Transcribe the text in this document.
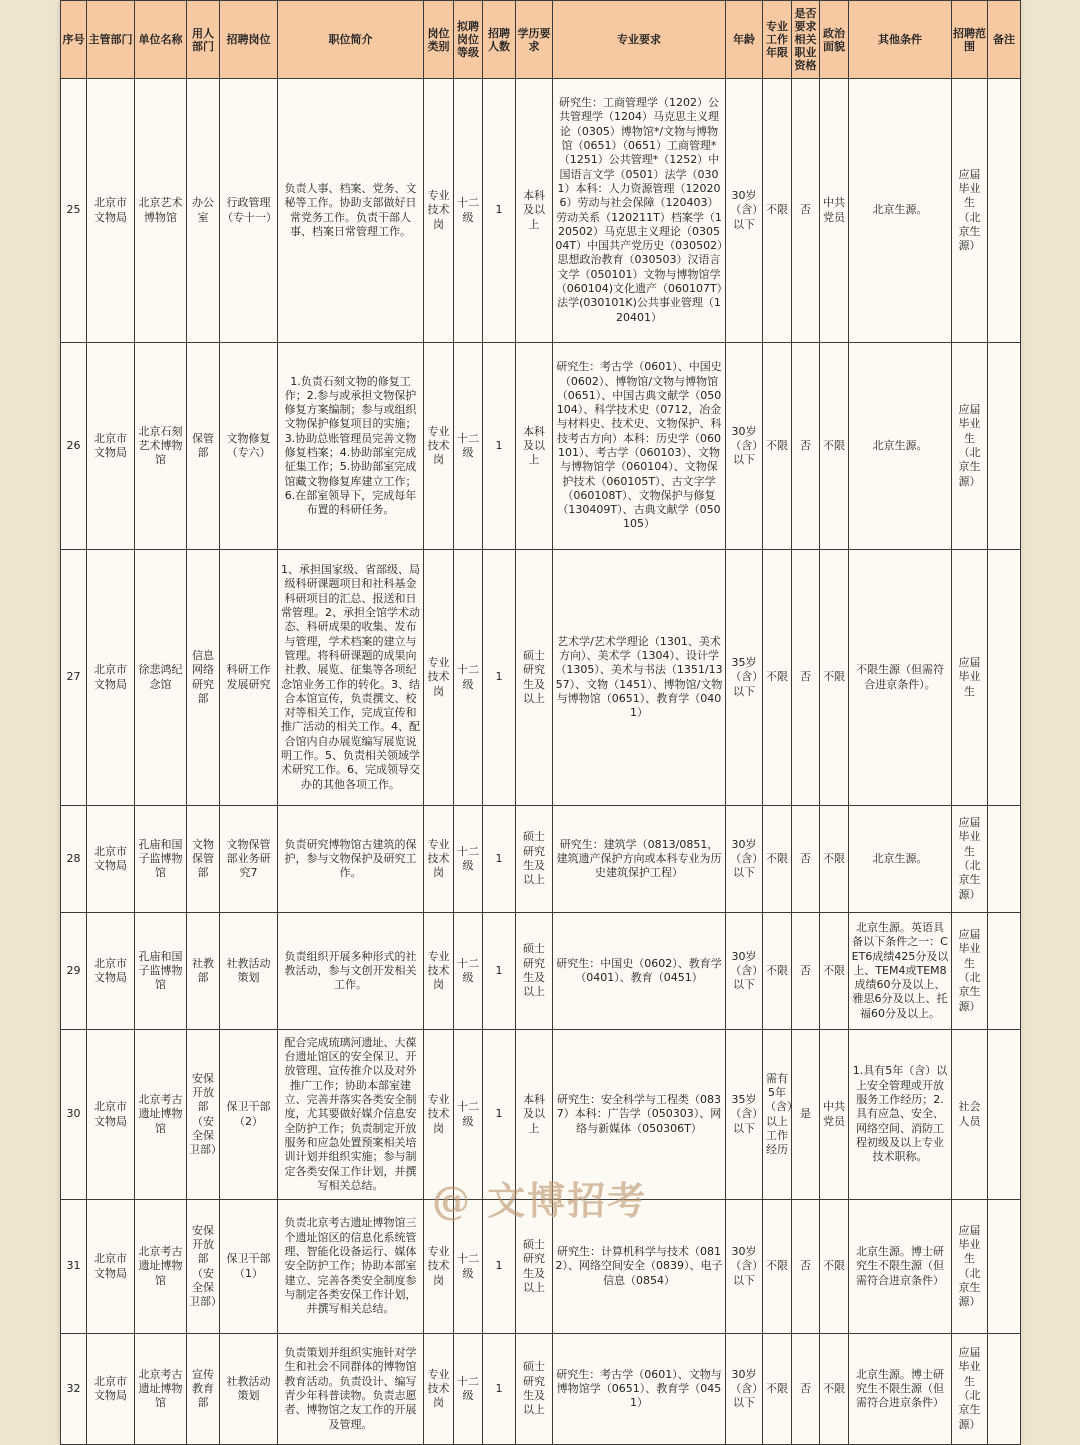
序号	主管部门	单位名称	用人部门	招聘岗位	职位简介	岗位类别	拟聘岗位等级	招聘人数	学历要求	专业要求	年龄	专业工作年限	是否要求相关职业资格	政治面貌	其他条件	招聘范围	备注
25	北京市文物局	北京艺术博物馆	办公室	行政管理（专十一）	负责人事、档案、党务、文秘等工作。协助支部做好日常党务工作。负责干部人事、档案日常管理工作。	专业技术岗	十二级	1	本科及以上	研究生：工商管理学（1202）公共管理学（1204）马克思主义理论（0305）博物馆*/文物与博物馆（0651）（0651）工商管理*（1251）公共管理*（1252）中国语言文学（0501）法学（0301）本科：人力资源管理（120206）劳动与社会保障（120403）劳动关系（120211T）档案学（120502）马克思主义理论（030504T）中国共产党历史（030502）思想政治教育（030503）汉语言文学（050101）文物与博物馆学（060104)文化遗产（060107T）法学(030101K)公共事业管理（120401）	30岁（含）以下	不限	否	中共党员	北京生源。	应届毕业生（北京生源）	
26	北京市文物局	北京石刻艺术博物馆	保管部	文物修复（专六）	1.负责石刻文物的修复工作；2.参与或承担文物保护修复方案编制；参与或组织文物保护修复项目的实施；3.协助总账管理员完善文物修复档案；4.协助部室完成征集工作；5.协助部室完成馆藏文物修复库建立工作；6.在部室领导下，完成每年布置的科研任务。	专业技术岗	十二级	1	本科及以上	研究生：考古学（0601）、中国史（0602）、博物馆/文物与博物馆（0651）、中国古典文献学（050104）、科学技术史（0712，冶金与材料史、技术史、文物保护、科技考古方向）本科：历史学（060101）、考古学（060103）、文物与博物馆学（060104）、文物保护技术（060105T）、古文字学（060108T）、文物保护与修复（130409T）、古典文献学（050105）	30岁（含）以下	不限	否	不限	北京生源。	应届毕业生（北京生源）	
27	北京市文物局	徐悲鸿纪念馆	信息网络研究部	科研工作发展研究	1、承担国家级、省部级、局级科研课题项目和社科基金科研项目的汇总、报送和日常管理。2、承担全馆学术动态、科研成果的收集、发布与管理，学术档案的建立与管理。将科研课题的成果向社教、展览、征集等各项纪念馆业务工作的转化。3、结合本馆宣传，负责撰文、校对等相关工作，完成宣传和推广活动的相关工作。4、配合馆内自办展览编写展览说明工作。5、负责相关领域学术研究工作。6、完成领导交办的其他各项工作。	专业技术岗	十二级	1	硕士研究生及以上	艺术学/艺术学理论（1301、美术方向）、美术学（1304）、设计学（1305）、美术与书法（1351/1357）、文物（1451）、博物馆/文物与博物馆（0651）、教育学（0401）	35岁（含）以下	不限	否	不限	不限生源（但需符合进京条件）。	应届毕业生	
28	北京市文物局	孔庙和国子监博物馆	文物保管部	文物保管部业务研究7	负责研究博物馆古建筑的保护，参与文物保护及研究工作。	专业技术岗	十二级	1	硕士研究生及以上	研究生：建筑学（0813/0851，建筑遗产保护方向或本科专业为历史建筑保护工程）	30岁（含）以下	不限	否	不限	北京生源。	应届毕业生（北京生源）	
29	北京市文物局	孔庙和国子监博物馆	社教部	社教活动策划	负责组织开展多种形式的社教活动，参与文创开发相关工作。	专业技术岗	十二级	1	硕士研究生及以上	研究生：中国史（0602）、教育学（0401）、教育（0451）	30岁（含）以下	不限	否	不限	北京生源。英语具备以下条件之一：CET6成绩425分及以上、TEM4或TEM8成绩60分及以上、雅思6分及以上、托福60分及以上。	应届毕业生（北京生源）	
30	北京市文物局	北京考古遗址博物馆	安保开放部（安全保卫部）	保卫干部（2）	配合完成琉璃河遗址、大葆台遗址馆区的安全保卫、开放管理、宣传推介以及对外推广工作；协助本部室建立、完善并落实各类安全制度，尤其要做好媒介信息安全防护工作；负责制定开放服务和应急处置预案相关培训计划并组织实施；参与制定各类安保工作计划，并撰写相关总结。	专业技术岗	十二级	1	本科及以上	研究生：安全科学与工程类（0837）本科：广告学（050303）、网络与新媒体（050306T）	35岁（含）以下	需有5年（含）以上工作经历	是	中共党员	1.具有5年（含）以上安全管理或开放服务工作经历；2.具有应急、安全、网络空间、消防工程初级及以上专业技术职称。	社会人员	
31	北京市文物局	北京考古遗址博物馆	安保开放部（安全保卫部）	保卫干部（1）	负责北京考古遗址博物馆三个遗址馆区的信息化系统管理、智能化设备运行、媒体安全防护工作；协助本部室建立、完善各类安全制度参与制定各类安保工作计划，并撰写相关总结。	专业技术岗	十二级	1	硕士研究生及以上	研究生：计算机科学与技术（0812）、网络空间安全（0839）、电子信息（0854）	30岁（含）以下	不限	否	不限	北京生源。博士研究生不限生源（但需符合进京条件）	应届毕业生（北京生源）	
32	北京市文物局	北京考古遗址博物馆	宣传教育部	社教活动策划	负责策划并组织实施针对学生和社会不同群体的博物馆教育活动。负责设计、编写青少年科普读物。负责志愿者、博物馆之友工作的开展及管理。	专业技术岗	十二级	1	硕士研究生及以上	研究生：考古学（0601）、文物与博物馆学（0651）、教育学（0451）	30岁（含）以下	不限	否	不限	北京生源。博士研究生不限生源（但需符合进京条件）	应届毕业生（北京生源）	
@ 文博招考
